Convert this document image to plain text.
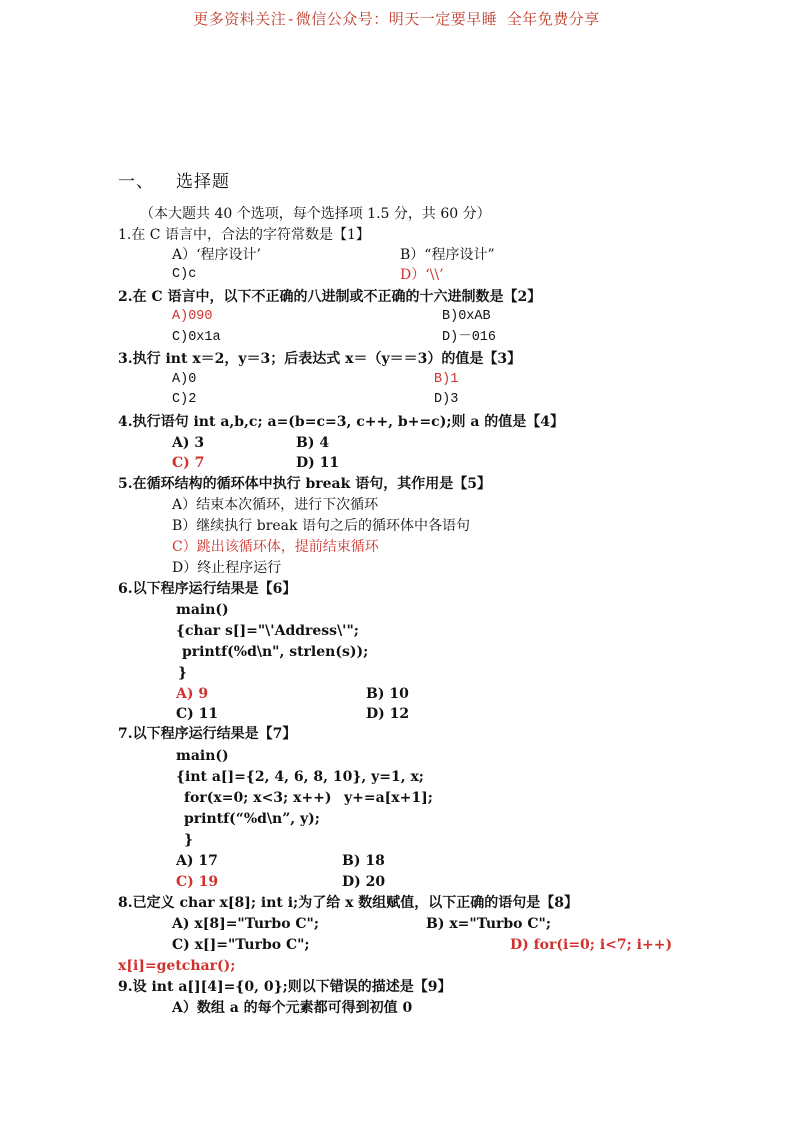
更多资料关注-微信公众号：明天一定要早睡 全年免费分享
一、 选择题
（本大题共 40 个选项，每个选择项 1.5 分，共 60 分）
1.在 C 语言中，合法的字符常数是【1】
A）‘程序设计’	B）“程序设计”
C)c	D）‘\\’
2.在 C 语言中，以下不正确的八进制或不正确的十六进制数是【2】
A)090	B)0xAB
C)0x1a	D)－016
3.执行 int x＝2，y＝3；后表达式 x＝（y＝＝3）的值是【3】
A)0	B)1
C)2	D)3
4.执行语句 int a,b,c; a=(b=c=3, c++, b+=c);则 a 的值是【4】
A) 3	B) 4
C) 7	D) 11
5.在循环结构的循环体中执行 break 语句，其作用是【5】
A）结束本次循环，进行下次循环
B）继续执行 break 语句之后的循环体中各语句
C）跳出该循环体，提前结束循环
D）终止程序运行
6.以下程序运行结果是【6】
main()
{char s[]="\'Address\'";
printf(%d\n", strlen(s));
}
A) 9	B) 10
C) 11	D) 12
7.以下程序运行结果是【7】
main()
{int a[]={2, 4, 6, 8, 10}, y=1, x;
for(x=0; x<3; x++) y+=a[x+1];
printf(“%d\n”, y);
}
A) 17	B) 18
C) 19	D) 20
8.已定义 char x[8]; int i;为了给 x 数组赋值，以下正确的语句是【8】
A) x[8]="Turbo C";	B) x="Turbo C";
C) x[]="Turbo C";	D) for(i=0; i<7; i++)
x[i]=getchar();
9.设 int a[][4]={0, 0};则以下错误的描述是【9】
A）数组 a 的每个元素都可得到初值 0
